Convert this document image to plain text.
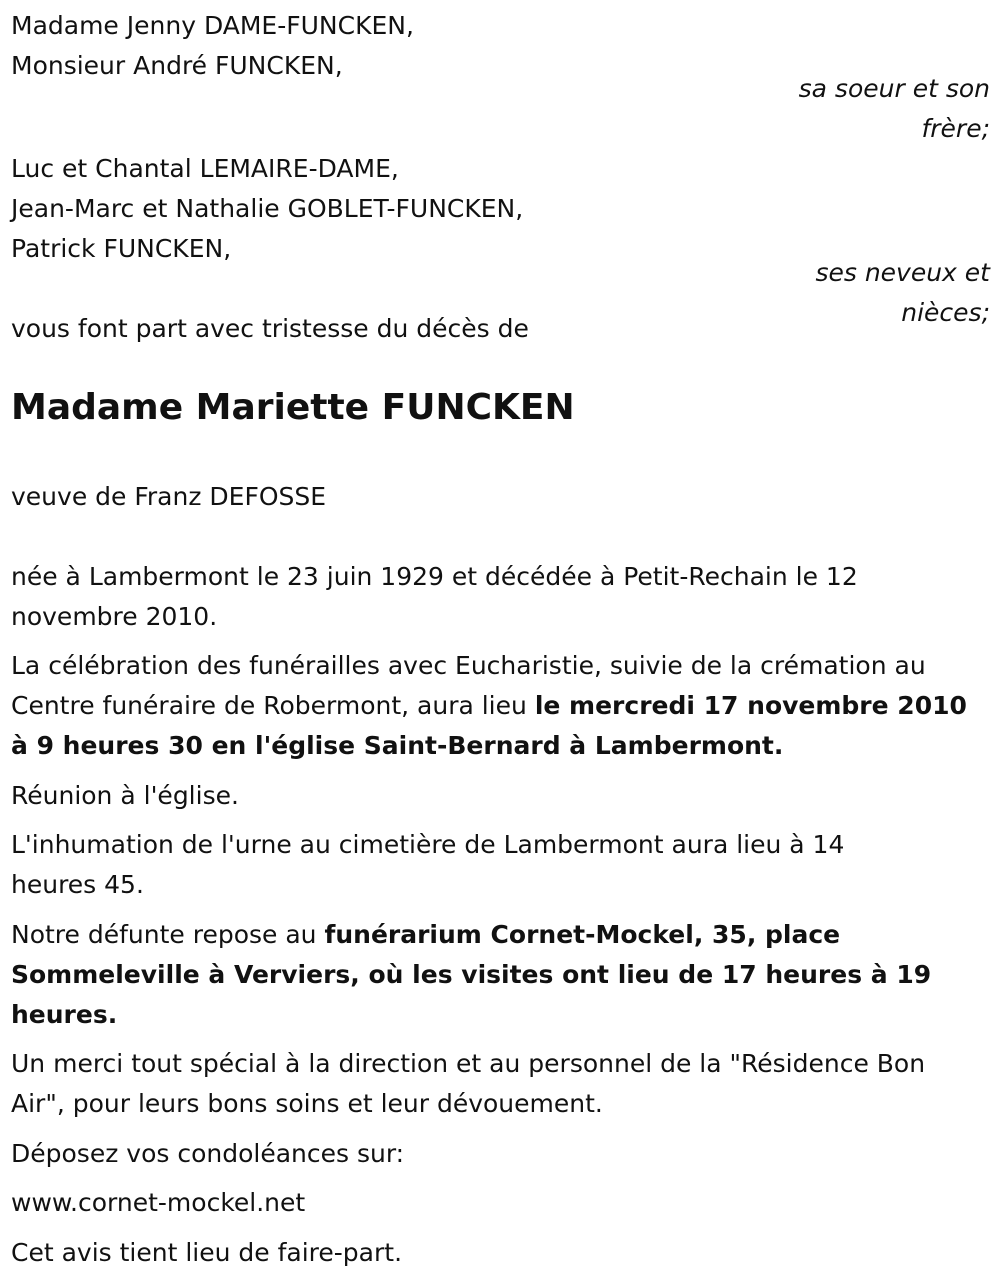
Madame Jenny DAME-FUNCKEN,
Monsieur André FUNCKEN,
sa soeur et son
frère;
Luc et Chantal LEMAIRE-DAME,
Jean-Marc et Nathalie GOBLET-FUNCKEN,
Patrick FUNCKEN,
ses neveux et
nièces;
vous font part avec tristesse du décès de
Madame Mariette FUNCKEN
veuve de Franz DEFOSSE
née à Lambermont le 23 juin 1929 et décédée à Petit-Rechain le 12
novembre 2010.
La célébration des funérailles avec Eucharistie, suivie de la crémation au
Centre funéraire de Robermont, aura lieu le mercredi 17 novembre 2010
à 9 heures 30 en l'église Saint-Bernard à Lambermont.
Réunion à l'église.
L'inhumation de l'urne au cimetière de Lambermont aura lieu à 14
heures 45.
Notre défunte repose au funérarium Cornet-Mockel, 35, place
Sommeleville à Verviers, où les visites ont lieu de 17 heures à 19
heures.
Un merci tout spécial à la direction et au personnel de la "Résidence Bon
Air", pour leurs bons soins et leur dévouement.
Déposez vos condoléances sur:
www.cornet-mockel.net
Cet avis tient lieu de faire-part.
